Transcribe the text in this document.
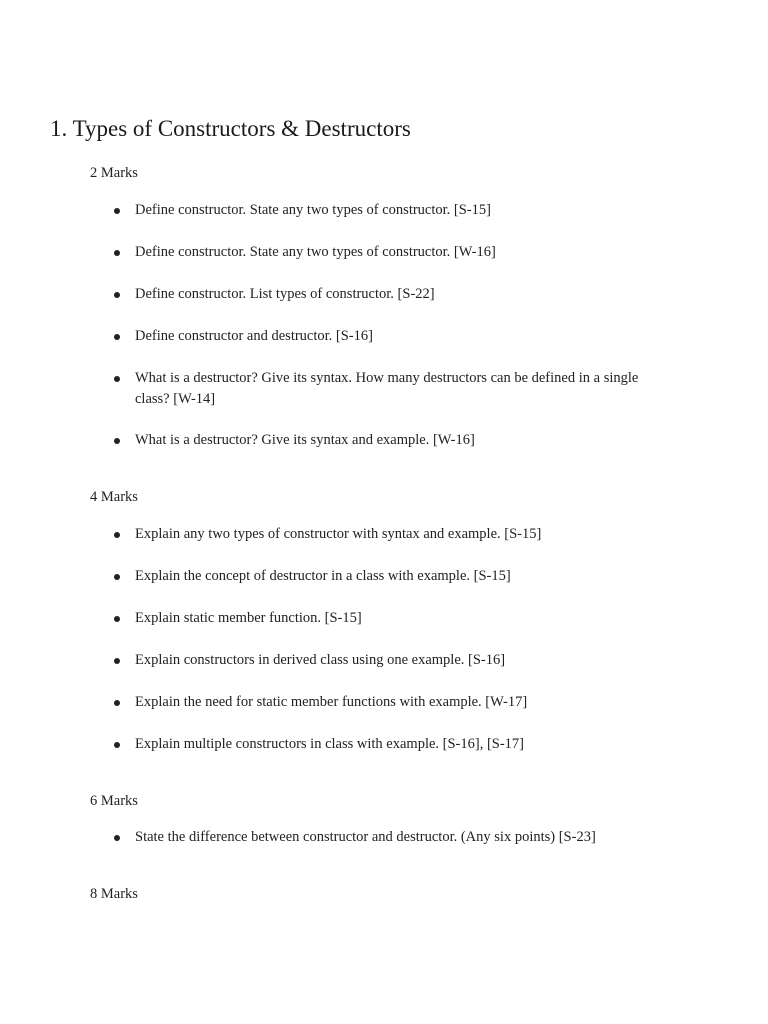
1. Types of Constructors & Destructors
2 Marks
Define constructor. State any two types of constructor. [S-15]
Define constructor. State any two types of constructor. [W-16]
Define constructor. List types of constructor. [S-22]
Define constructor and destructor. [S-16]
What is a destructor? Give its syntax. How many destructors can be defined in a single class? [W-14]
What is a destructor? Give its syntax and example. [W-16]
4 Marks
Explain any two types of constructor with syntax and example. [S-15]
Explain the concept of destructor in a class with example. [S-15]
Explain static member function. [S-15]
Explain constructors in derived class using one example. [S-16]
Explain the need for static member functions with example. [W-17]
Explain multiple constructors in class with example. [S-16], [S-17]
6 Marks
State the difference between constructor and destructor. (Any six points) [S-23]
8 Marks
